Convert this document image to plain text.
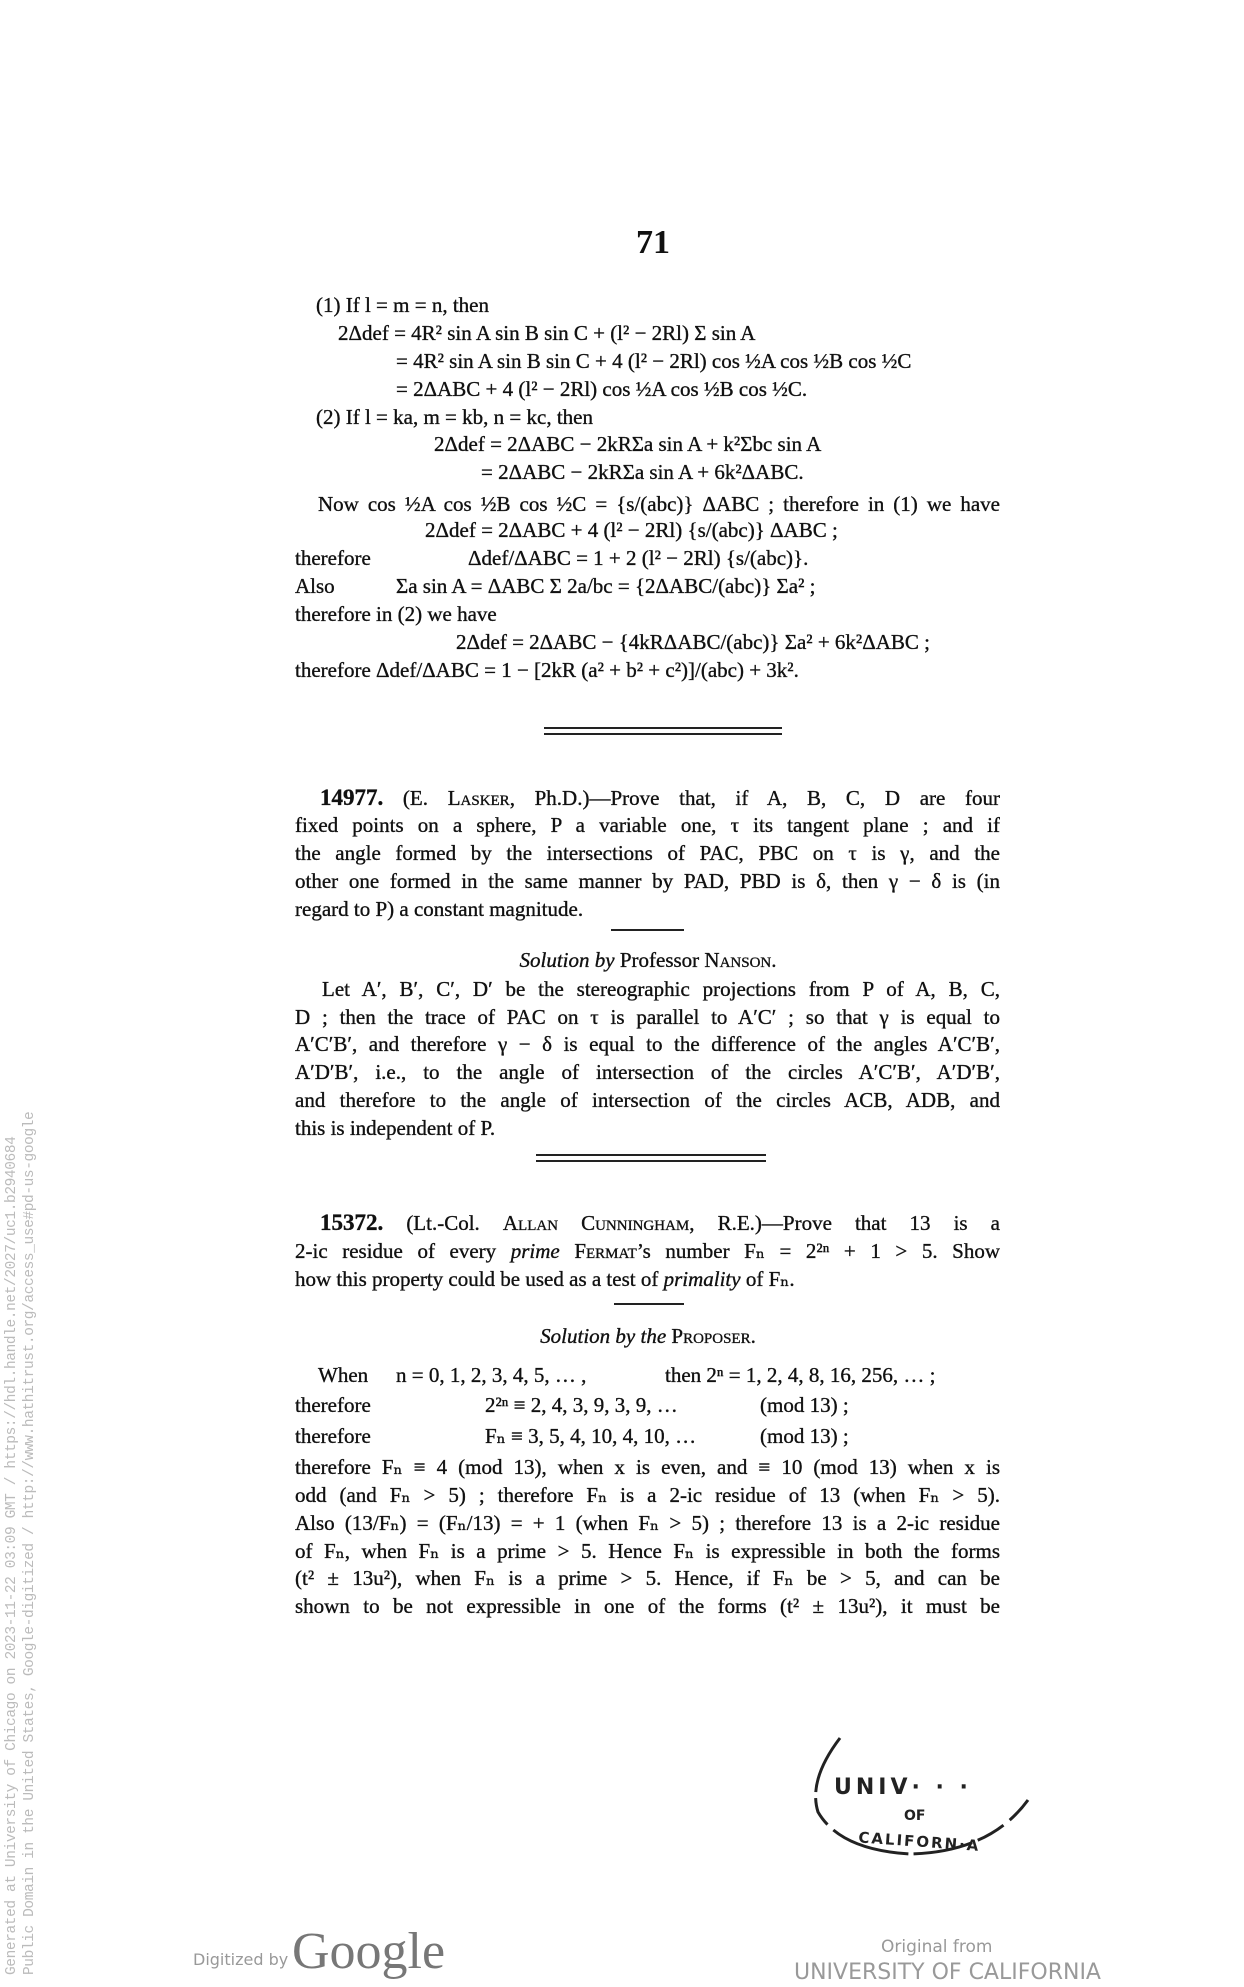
71
(1) If l = m = n, then
2Δdef = 4R² sin A sin B sin C + (l² − 2Rl) Σ sin A
= 4R² sin A sin B sin C + 4 (l² − 2Rl) cos ½A cos ½B cos ½C
= 2ΔABC + 4 (l² − 2Rl) cos ½A cos ½B cos ½C.
(2) If l = ka, m = kb, n = kc, then
2Δdef = 2ΔABC − 2kRΣa sin A + k²Σbc sin A
= 2ΔABC − 2kRΣa sin A + 6k²ΔABC.
Now cos ½A cos ½B cos ½C = {s/(abc)} ΔABC ; therefore in (1) we have
2Δdef = 2ΔABC + 4 (l² − 2Rl) {s/(abc)} ΔABC ;
therefore	Δdef/ΔABC = 1 + 2 (l² − 2Rl) {s/(abc)}.
Also	Σa sin A = ΔABC Σ 2a/bc = {2ΔABC/(abc)} Σa² ;
therefore in (2) we have
2Δdef = 2ΔABC − {4kRΔABC/(abc)} Σa² + 6k²ΔABC ;
therefore Δdef/ΔABC = 1 − [2kR (a² + b² + c²)]/(abc) + 3k².
14977. (E. Lasker, Ph.D.)—Prove that, if A, B, C, D are four
fixed points on a sphere, P a variable one, τ its tangent plane ; and if
the angle formed by the intersections of PAC, PBC on τ is γ, and the
other one formed in the same manner by PAD, PBD is δ, then γ − δ is (in
regard to P) a constant magnitude.
Solution by Professor Nanson.
Let A′, B′, C′, D′ be the stereographic projections from P of A, B, C,
D ; then the trace of PAC on τ is parallel to A′C′ ; so that γ is equal to
A′C′B′, and therefore γ − δ is equal to the difference of the angles A′C′B′,
A′D′B′, i.e., to the angle of intersection of the circles A′C′B′, A′D′B′,
and therefore to the angle of intersection of the circles ACB, ADB, and
this is independent of P.
15372. (Lt.-Col. Allan Cunningham, R.E.)—Prove that 13 is a
2-ic residue of every prime Fermat’s number Fₙ = 2²ⁿ + 1 > 5. Show
how this property could be used as a test of primality of Fₙ.
Solution by the Proposer.
When n = 0, 1, 2, 3, 4, 5, … ,	then 2ⁿ = 1, 2, 4, 8, 16, 256, … ;
therefore	2²ⁿ ≡ 2, 4, 3, 9, 3, 9, …	(mod 13) ;
therefore	Fₙ ≡ 3, 5, 4, 10, 4, 10, …	(mod 13) ;
therefore Fₙ ≡ 4 (mod 13), when x is even, and ≡ 10 (mod 13) when x is
odd (and Fₙ > 5) ; therefore Fₙ is a 2-ic residue of 13 (when Fₙ > 5).
Also (13/Fₙ) = (Fₙ/13) = + 1 (when Fₙ > 5) ; therefore 13 is a 2-ic residue
of Fₙ, when Fₙ is a prime > 5. Hence Fₙ is expressible in both the forms
(t² ± 13u²), when Fₙ is a prime > 5. Hence, if Fₙ be > 5, and can be
shown to be not expressible in one of the forms (t² ± 13u²), it must be
UNIV· · ·
OF
CALIFORN·A
Generated at University of Chicago on 2023-11-22 03:09 GMT / https://hdl.handle.net/2027/uc1.b2940684 Public Domain in the United States, Google-digitized / http://www.hathitrust.org/access_use#pd-us-google	Digitized by Google	Original from
UNIVERSITY OF CALIFORNIA
